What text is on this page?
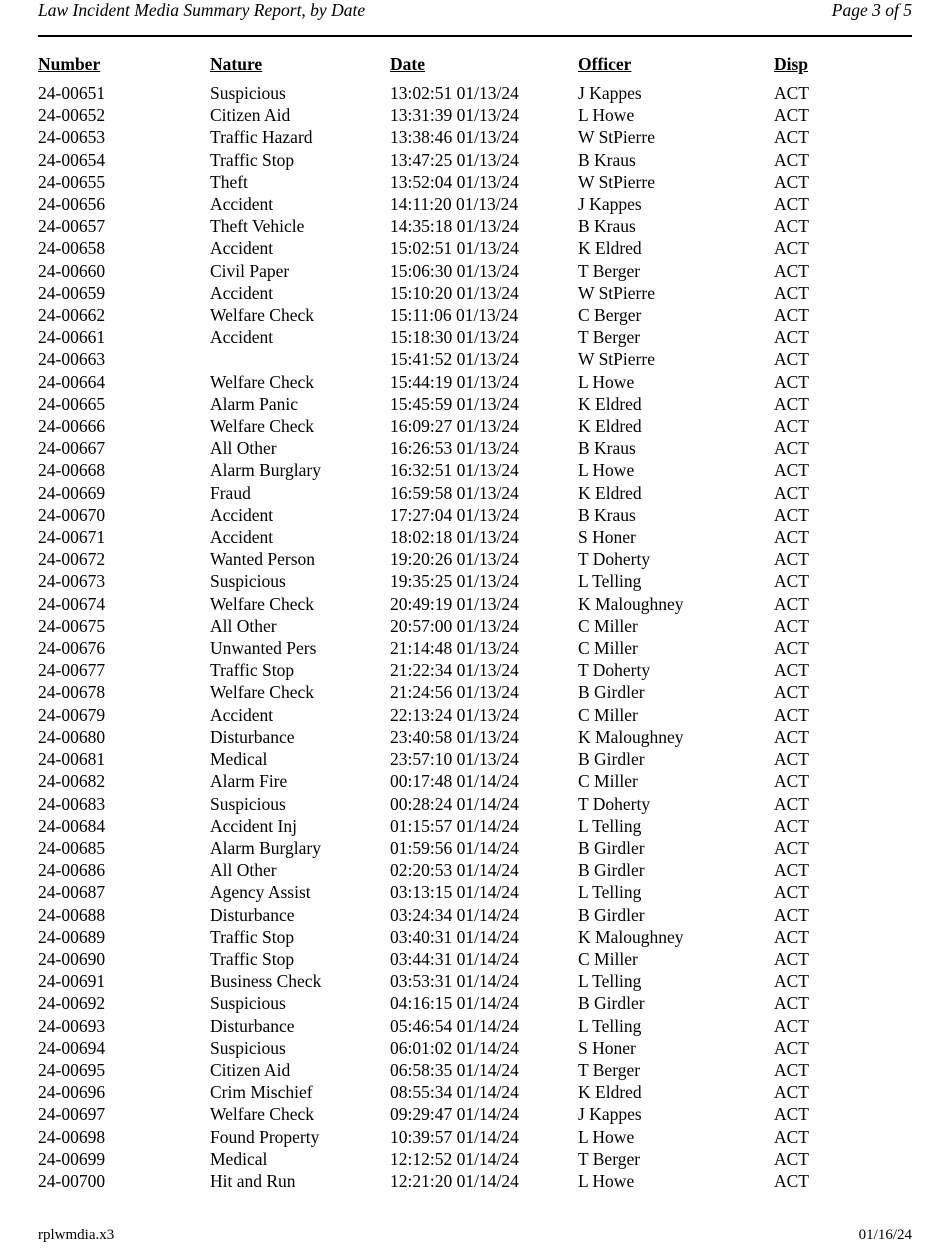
Law Incident Media Summary Report, by Date	Page 3 of 5
Number	Nature	Date	Officer	Disp
24-00651	Suspicious	13:02:51 01/13/24	J Kappes	ACT
24-00652	Citizen Aid	13:31:39 01/13/24	L Howe	ACT
24-00653	Traffic Hazard	13:38:46 01/13/24	W StPierre	ACT
24-00654	Traffic Stop	13:47:25 01/13/24	B Kraus	ACT
24-00655	Theft	13:52:04 01/13/24	W StPierre	ACT
24-00656	Accident	14:11:20 01/13/24	J Kappes	ACT
24-00657	Theft Vehicle	14:35:18 01/13/24	B Kraus	ACT
24-00658	Accident	15:02:51 01/13/24	K Eldred	ACT
24-00660	Civil Paper	15:06:30 01/13/24	T Berger	ACT
24-00659	Accident	15:10:20 01/13/24	W StPierre	ACT
24-00662	Welfare Check	15:11:06 01/13/24	C Berger	ACT
24-00661	Accident	15:18:30 01/13/24	T Berger	ACT
24-00663		15:41:52 01/13/24	W StPierre	ACT
24-00664	Welfare Check	15:44:19 01/13/24	L Howe	ACT
24-00665	Alarm Panic	15:45:59 01/13/24	K Eldred	ACT
24-00666	Welfare Check	16:09:27 01/13/24	K Eldred	ACT
24-00667	All Other	16:26:53 01/13/24	B Kraus	ACT
24-00668	Alarm Burglary	16:32:51 01/13/24	L Howe	ACT
24-00669	Fraud	16:59:58 01/13/24	K Eldred	ACT
24-00670	Accident	17:27:04 01/13/24	B Kraus	ACT
24-00671	Accident	18:02:18 01/13/24	S Honer	ACT
24-00672	Wanted Person	19:20:26 01/13/24	T Doherty	ACT
24-00673	Suspicious	19:35:25 01/13/24	L Telling	ACT
24-00674	Welfare Check	20:49:19 01/13/24	K Maloughney	ACT
24-00675	All Other	20:57:00 01/13/24	C Miller	ACT
24-00676	Unwanted Pers	21:14:48 01/13/24	C Miller	ACT
24-00677	Traffic Stop	21:22:34 01/13/24	T Doherty	ACT
24-00678	Welfare Check	21:24:56 01/13/24	B Girdler	ACT
24-00679	Accident	22:13:24 01/13/24	C Miller	ACT
24-00680	Disturbance	23:40:58 01/13/24	K Maloughney	ACT
24-00681	Medical	23:57:10 01/13/24	B Girdler	ACT
24-00682	Alarm Fire	00:17:48 01/14/24	C Miller	ACT
24-00683	Suspicious	00:28:24 01/14/24	T Doherty	ACT
24-00684	Accident Inj	01:15:57 01/14/24	L Telling	ACT
24-00685	Alarm Burglary	01:59:56 01/14/24	B Girdler	ACT
24-00686	All Other	02:20:53 01/14/24	B Girdler	ACT
24-00687	Agency Assist	03:13:15 01/14/24	L Telling	ACT
24-00688	Disturbance	03:24:34 01/14/24	B Girdler	ACT
24-00689	Traffic Stop	03:40:31 01/14/24	K Maloughney	ACT
24-00690	Traffic Stop	03:44:31 01/14/24	C Miller	ACT
24-00691	Business Check	03:53:31 01/14/24	L Telling	ACT
24-00692	Suspicious	04:16:15 01/14/24	B Girdler	ACT
24-00693	Disturbance	05:46:54 01/14/24	L Telling	ACT
24-00694	Suspicious	06:01:02 01/14/24	S Honer	ACT
24-00695	Citizen Aid	06:58:35 01/14/24	T Berger	ACT
24-00696	Crim Mischief	08:55:34 01/14/24	K Eldred	ACT
24-00697	Welfare Check	09:29:47 01/14/24	J Kappes	ACT
24-00698	Found Property	10:39:57 01/14/24	L Howe	ACT
24-00699	Medical	12:12:52 01/14/24	T Berger	ACT
24-00700	Hit and Run	12:21:20 01/14/24	L Howe	ACT
rplwmdia.x3	01/16/24
